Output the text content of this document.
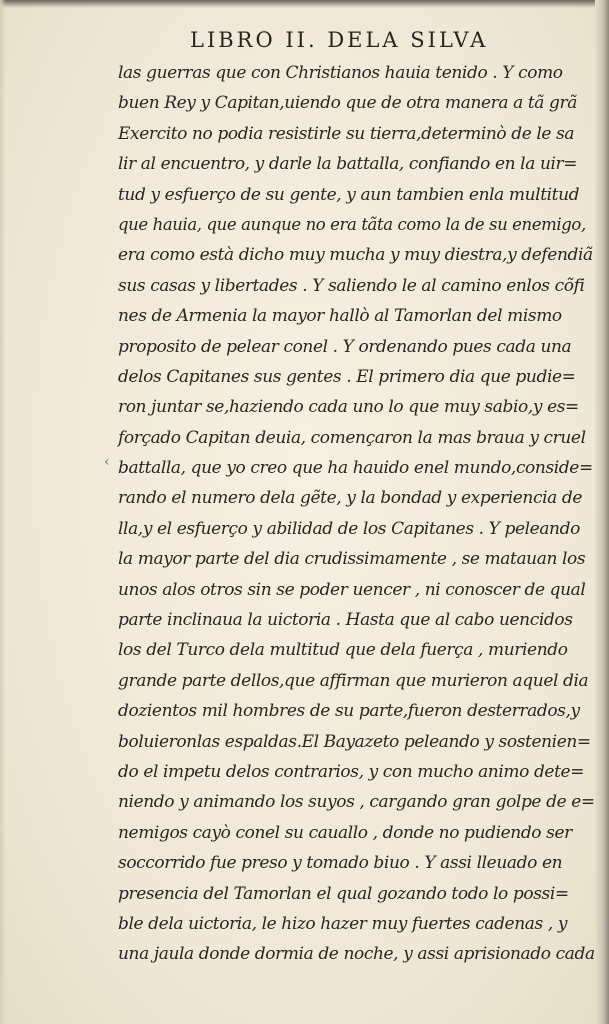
LIBRO II. DELA SILVA
‹
las guerras que con Christianos hauia tenido . Y como
buen Rey y Capitan,uiendo que de otra manera a tã grã
Exercito no podia resistirle su tierra,determinò de le sa
lir al encuentro, y darle la battalla, confiando en la uir=
tud y esfuerço de su gente, y aun tambien enla multitud
que hauia, que aunque no era tãta como la de su enemigo,
era como està dicho muy mucha y muy diestra,y defendiã
sus casas y libertades . Y saliendo le al camino enlos cõfi
nes de Armenia la mayor hallò al Tamorlan del mismo
proposito de pelear conel . Y ordenando pues cada una
delos Capitanes sus gentes . El primero dia que pudie=
ron juntar se,haziendo cada uno lo que muy sabio,y es=
forçado Capitan deuia, començaron la mas braua y cruel
battalla, que yo creo que ha hauido enel mundo,conside=
rando el numero dela gẽte, y la bondad y experiencia de
lla,y el esfuerço y abilidad de los Capitanes . Y peleando
la mayor parte del dia crudissimamente , se matauan los
unos alos otros sin se poder uencer , ni conoscer de qual
parte inclinaua la uictoria . Hasta que al cabo uencidos
los del Turco dela multitud que dela fuerça , muriendo
grande parte dellos,que affirman que murieron aquel dia
dozientos mil hombres de su parte,fueron desterrados,y
boluieronlas espaldas.El Bayazeto peleando y sostenien=
do el impetu delos contrarios, y con mucho animo dete=
niendo y animando los suyos , cargando gran golpe de e=
nemigos cayò conel su cauallo , donde no pudiendo ser
soccorrido fue preso y tomado biuo . Y assi lleuado en
presencia del Tamorlan el qual gozando todo lo possi=
ble dela uictoria, le hizo hazer muy fuertes cadenas , y
una jaula donde dormia de noche, y assi aprisionado cada
